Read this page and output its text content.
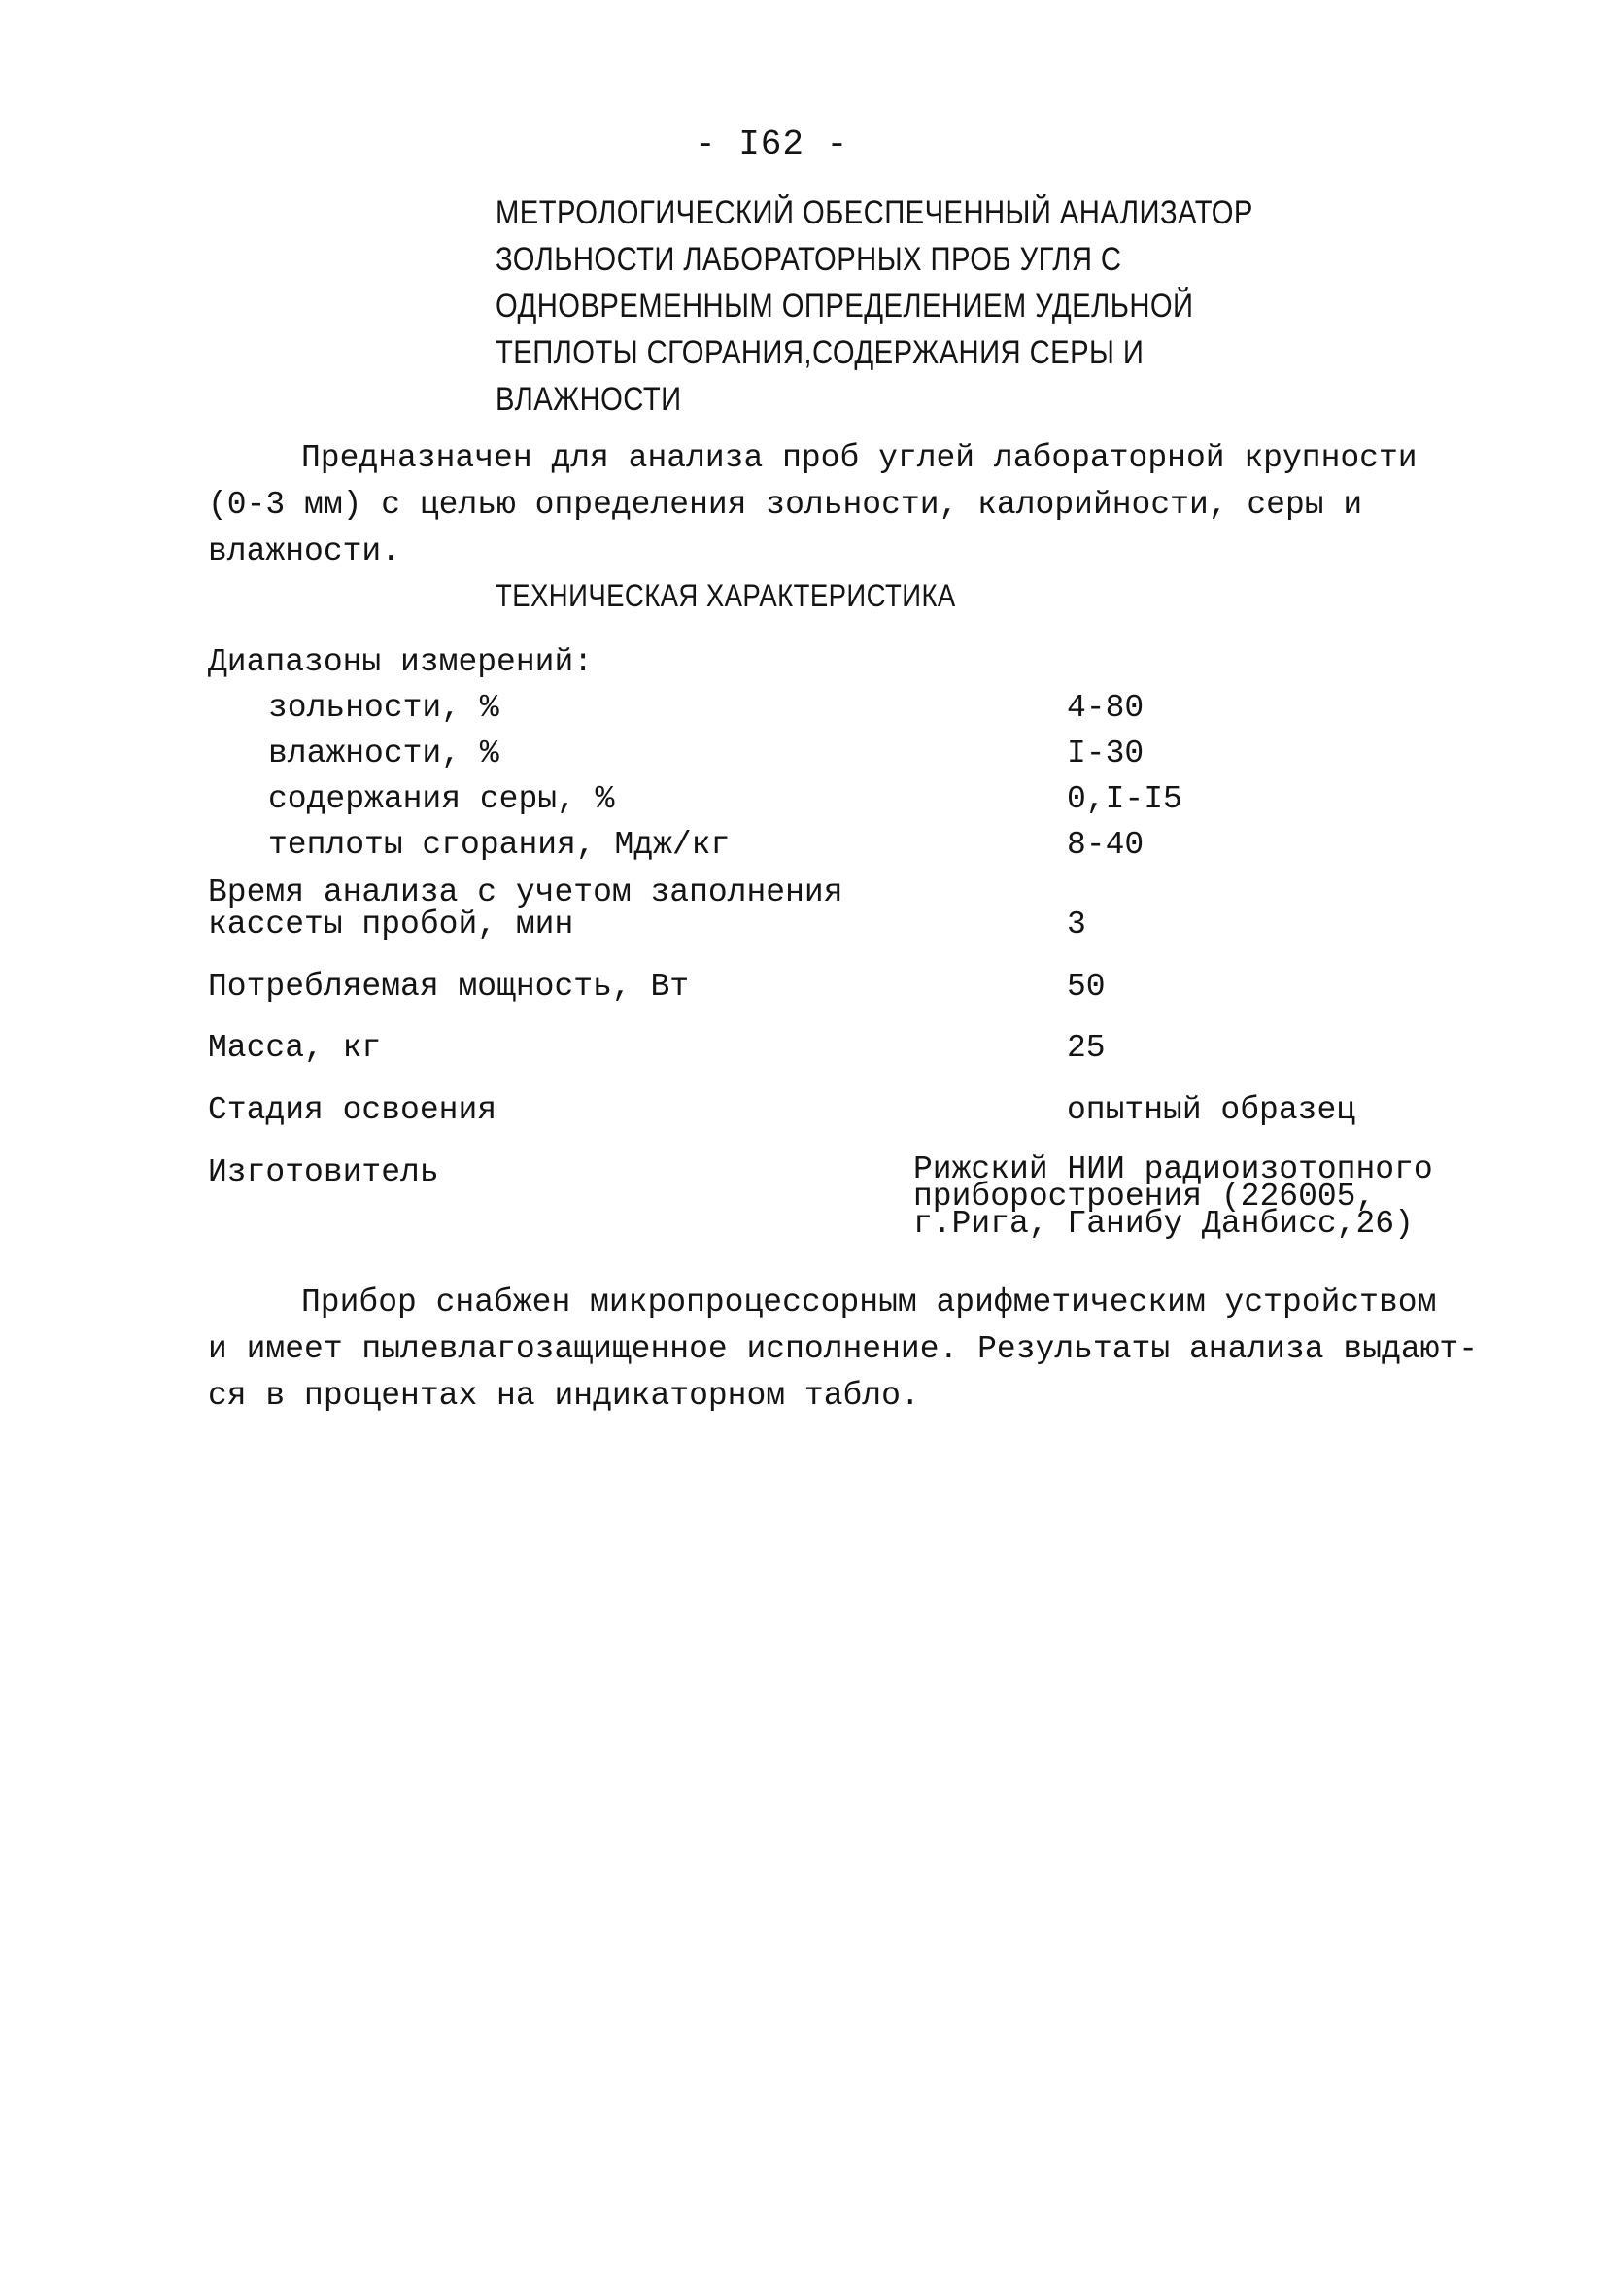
- I62 -
МЕТРОЛОГИЧЕСКИЙ ОБЕСПЕЧЕННЫЙ АНАЛИЗАТОР
ЗОЛЬНОСТИ ЛАБОРАТОРНЫХ ПРОБ УГЛЯ С
ОДНОВРЕМЕННЫМ ОПРЕДЕЛЕНИЕМ УДЕЛЬНОЙ
ТЕПЛОТЫ СГОРАНИЯ,СОДЕРЖАНИЯ СЕРЫ И
ВЛАЖНОСТИ
Предназначен для анализа проб углей лабораторной крупности
(0-3 мм) с целью определения зольности, калорийности, серы и
влажности.
ТЕХНИЧЕСКАЯ ХАРАКТЕРИСТИКА
Диапазоны измерений:
зольности, %	4-80
влажности, %	I-30
содержания серы, %	0,I-I5
теплоты сгорания, Мдж/кг	8-40
Время анализа с учетом заполнения
кассеты пробой, мин	3
Потребляемая мощность, Вт	50
Масса, кг	25
Стадия освоения	опытный образец
Изготовитель	Рижский НИИ радиоизотопного
приборостроения (226005,
г.Рига, Ганибу Данбисс,26)
Прибор снабжен микропроцессорным арифметическим устройством
и имеет пылевлагозащищенное исполнение. Результаты анализа выдают-
ся в процентах на индикаторном табло.
